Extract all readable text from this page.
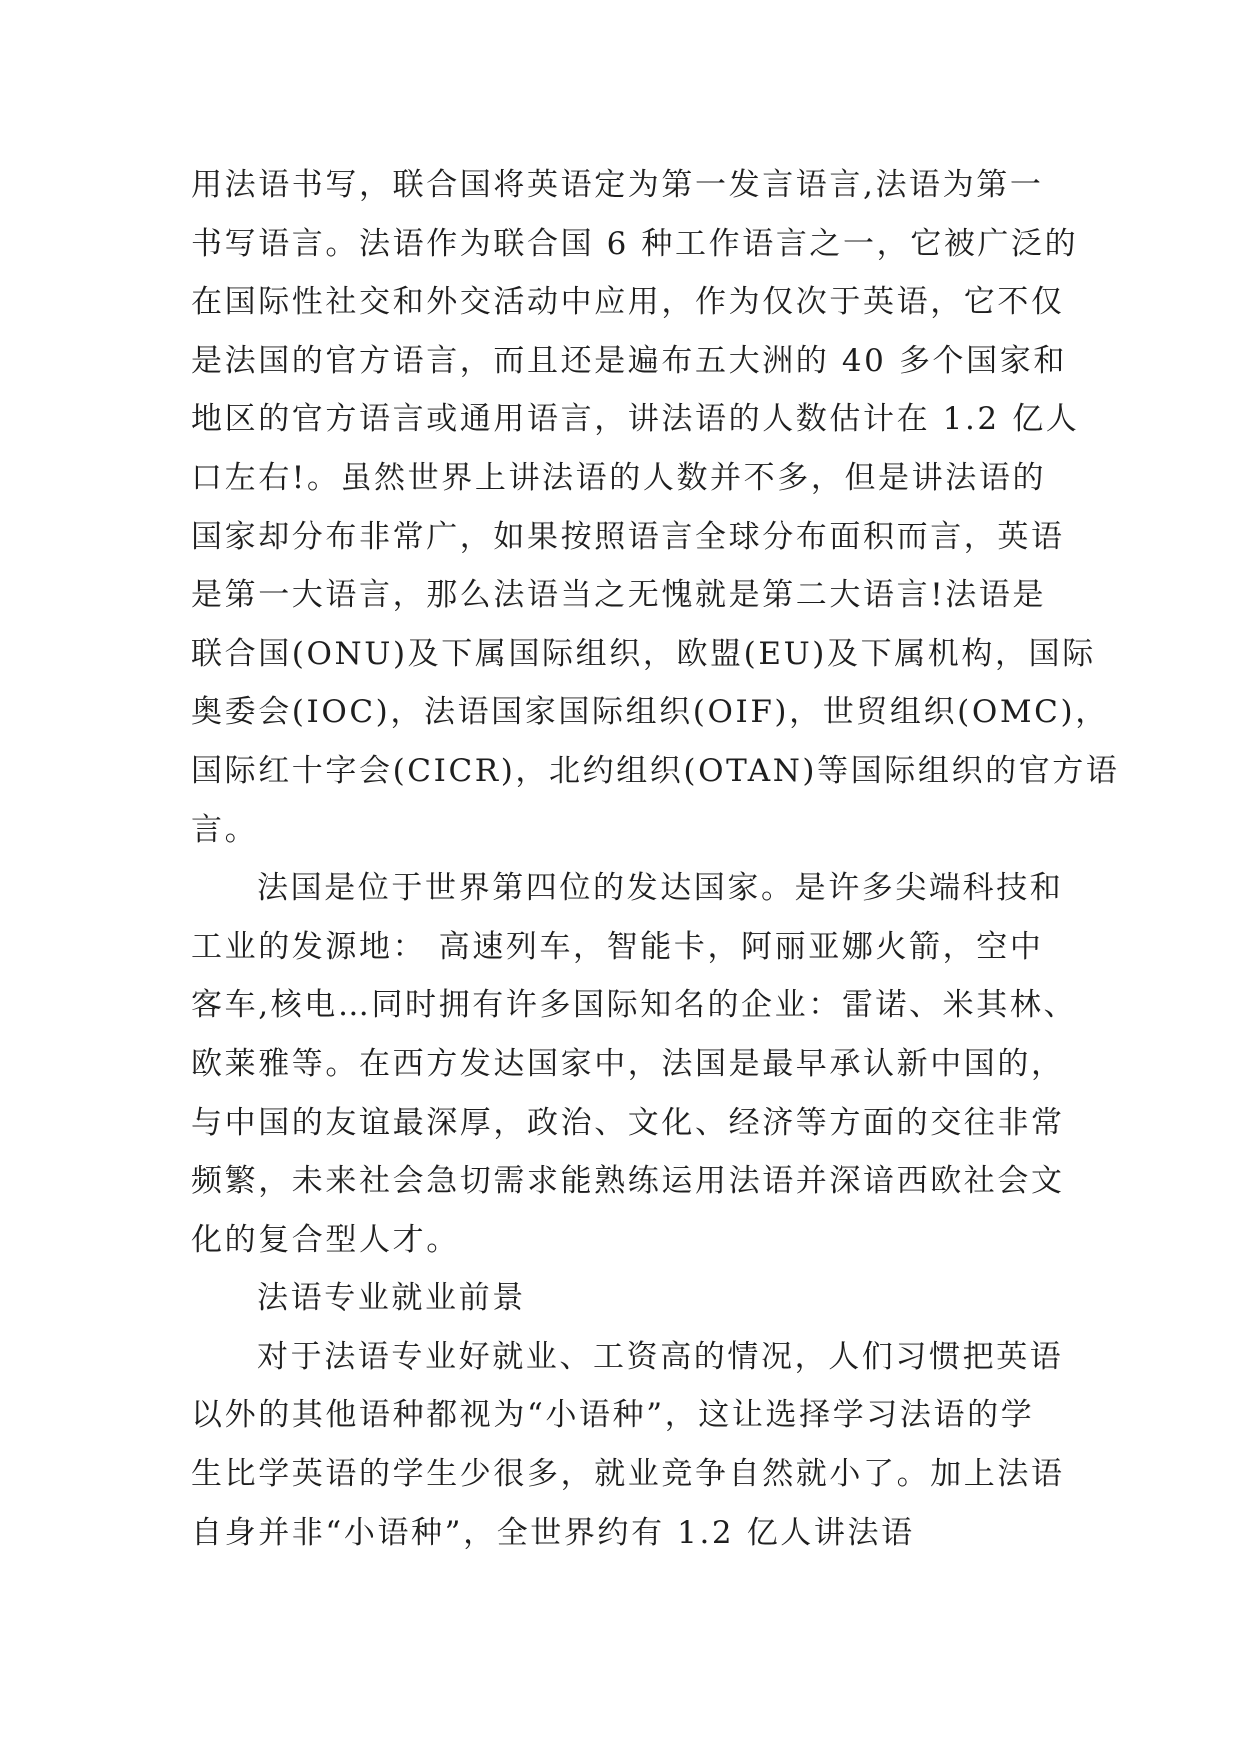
用法语书写，联合国将英语定为第一发言语言,法语为第一
书写语言。法语作为联合国 6 种工作语言之一，它被广泛的
在国际性社交和外交活动中应用，作为仅次于英语，它不仅
是法国的官方语言，而且还是遍布五大洲的 40 多个国家和
地区的官方语言或通用语言，讲法语的人数估计在 1.2 亿人
口左右!。虽然世界上讲法语的人数并不多，但是讲法语的
国家却分布非常广，如果按照语言全球分布面积而言，英语
是第一大语言，那么法语当之无愧就是第二大语言!法语是
联合国(ONU)及下属国际组织，欧盟(EU)及下属机构，国际
奥委会(IOC)，法语国家国际组织(OIF)，世贸组织(OMC)，
国际红十字会(CICR)，北约组织(OTAN)等国际组织的官方语
言。
法国是位于世界第四位的发达国家。是许多尖端科技和
工业的发源地： 高速列车，智能卡，阿丽亚娜火箭，空中
客车,核电…同时拥有许多国际知名的企业：雷诺、米其林、
欧莱雅等。在西方发达国家中，法国是最早承认新中国的，
与中国的友谊最深厚，政治、文化、经济等方面的交往非常
频繁，未来社会急切需求能熟练运用法语并深谙西欧社会文
化的复合型人才。
法语专业就业前景
对于法语专业好就业、工资高的情况，人们习惯把英语
以外的其他语种都视为“小语种”，这让选择学习法语的学
生比学英语的学生少很多，就业竞争自然就小了。加上法语
自身并非“小语种”，全世界约有 1.2 亿人讲法语
